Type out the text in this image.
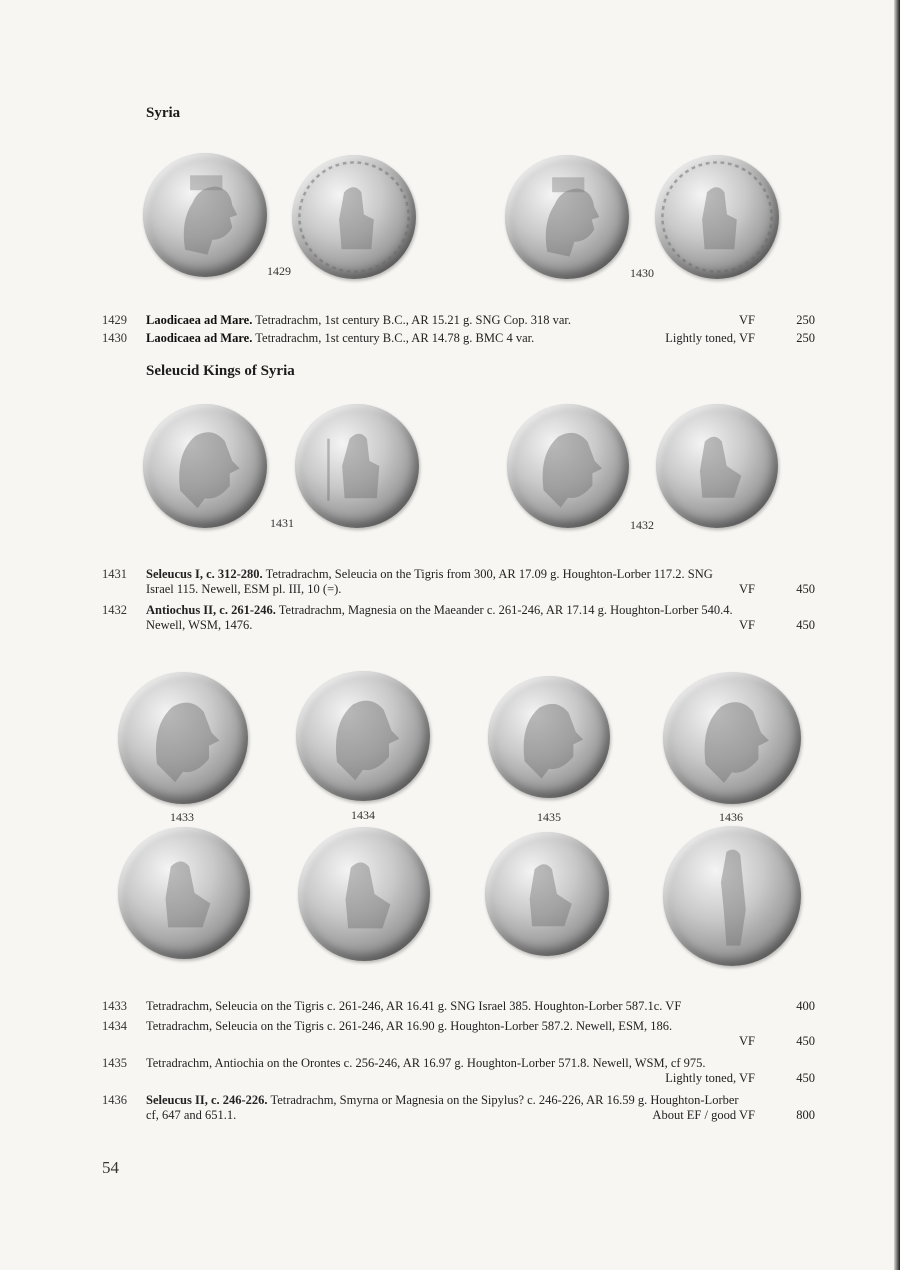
Syria
1429	1430
1429	Laodicaea ad Mare. Tetradrachm, 1st century B.C., AR 15.21 g. SNG Cop. 318 var.	VF	250
1430	Laodicaea ad Mare. Tetradrachm, 1st century B.C., AR 14.78 g. BMC 4 var.	Lightly toned, VF	250
Seleucid Kings of Syria
1431	1432
1431	Seleucus I, c. 312-280. Tetradrachm, Seleucia on the Tigris from 300, AR 17.09 g. Houghton-Lorber 117.2. SNG
Israel 115. Newell, ESM pl. III, 10 (=).	VF	450
1432	Antiochus II, c. 261-246. Tetradrachm, Magnesia on the Maeander c. 261-246, AR 17.14 g. Houghton-Lorber 540.4.
Newell, WSM, 1476.	VF	450
1433	1434	1435	1436
1433	Tetradrachm, Seleucia on the Tigris c. 261-246, AR 16.41 g. SNG Israel 385. Houghton-Lorber 587.1c. VF	400
1434	Tetradrachm, Seleucia on the Tigris c. 261-246, AR 16.90 g. Houghton-Lorber 587.2. Newell, ESM, 186.
VF	450
1435	Tetradrachm, Antiochia on the Orontes c. 256-246, AR 16.97 g. Houghton-Lorber 571.8. Newell, WSM, cf 975.
Lightly toned, VF	450
1436	Seleucus II, c. 246-226. Tetradrachm, Smyrna or Magnesia on the Sipylus? c. 246-226, AR 16.59 g. Houghton-Lorber
cf, 647 and 651.1.	About EF / good VF	800
54
